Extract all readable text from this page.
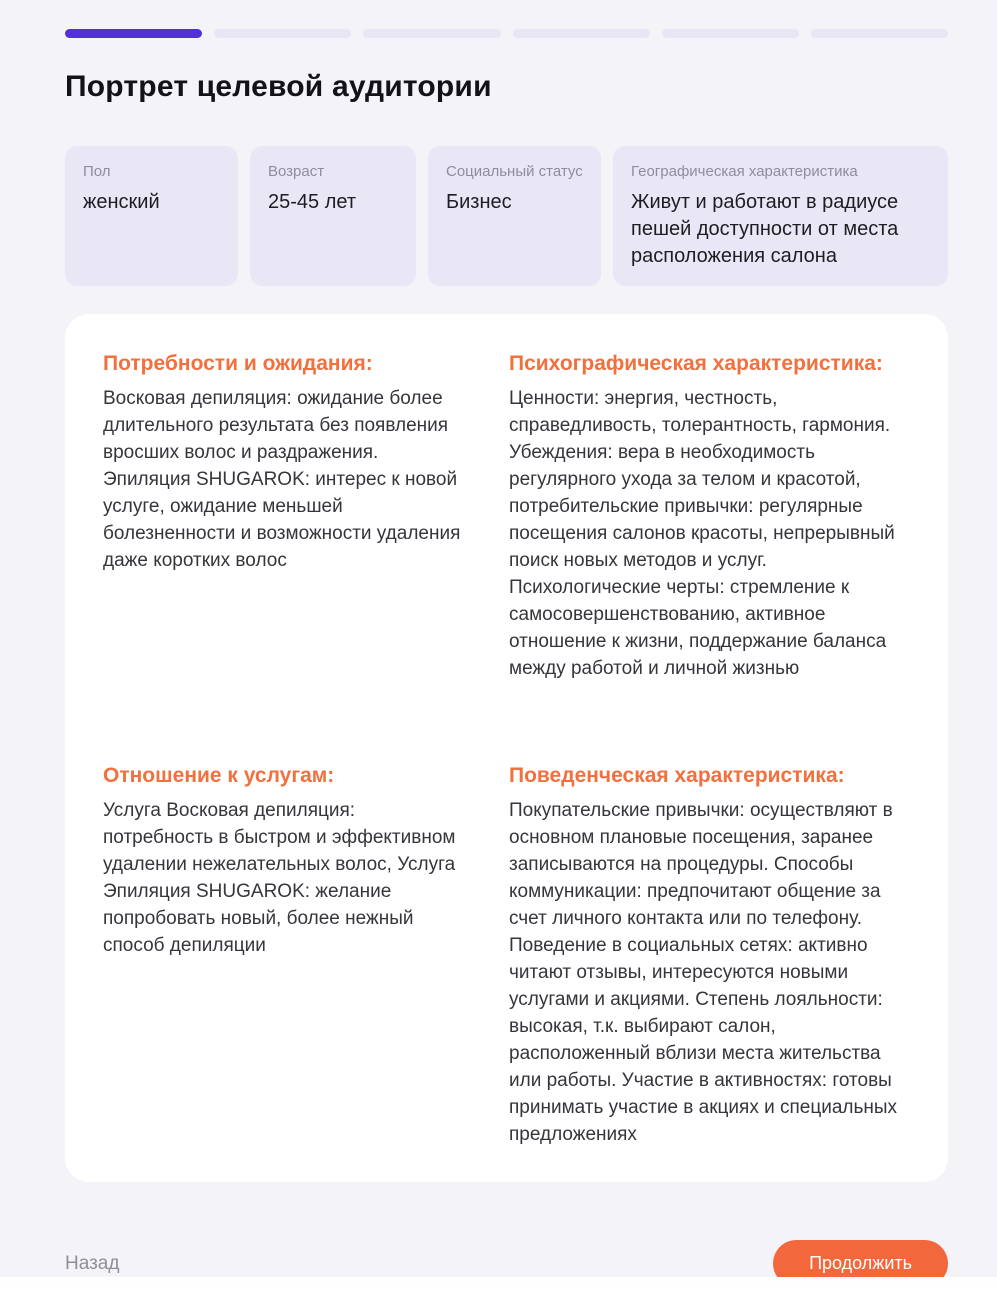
Портрет целевой аудитории
Пол
женский
Возраст
25-45 лет
Социальный статус
Бизнес
Географическая характеристика
Живут и работают в радиусе пешей доступности от места расположения салона
Потребности и ожидания:

Восковая депиляция: ожидание более длительного результата без появления вросших волос и раздражения. Эпиляция SHUGAROK: интерес к новой услуге, ожидание меньшей болезненности и возможности удаления даже коротких волос

Психографическая характеристика:

Ценности: энергия, честность, справедливость, толерантность, гармония. Убеждения: вера в необходимость регулярного ухода за телом и красотой, потребительские привычки: регулярные посещения салонов красоты, непрерывный поиск новых методов и услуг. Психологические черты: стремление к самосовершенствованию, активное отношение к жизни, поддержание баланса между работой и личной жизнью

Отношение к услугам:

Услуга Восковая депиляция: потребность в быстром и эффективном удалении нежелательных волос, Услуга Эпиляция SHUGAROK: желание попробовать новый, более нежный способ депиляции

Поведенческая характеристика:

Покупательские привычки: осуществляют в основном плановые посещения, заранее записываются на процедуры. Способы коммуникации: предпочитают общение за счет личного контакта или по телефону. Поведение в социальных сетях: активно читают отзывы, интересуются новыми услугами и акциями. Степень лояльности: высокая, т.к. выбирают салон, расположенный вблизи места жительства или работы. Участие в активностях: готовы принимать участие в акциях и специальных предложениях

Назад	Продолжить
